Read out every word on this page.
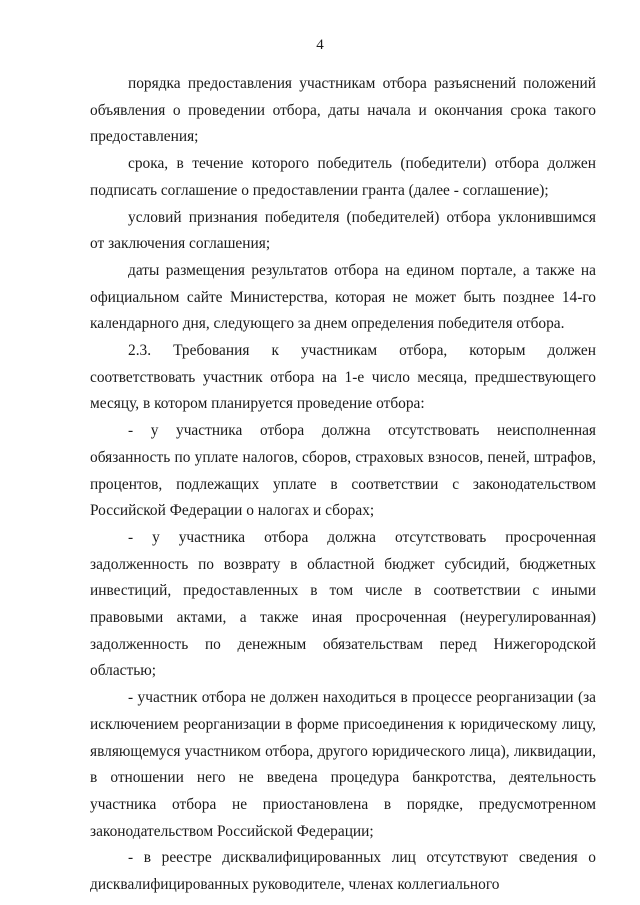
4

порядка предоставления участникам отбора разъяснений положений объявления о проведении отбора, даты начала и окончания срока такого предоставления;

срока, в течение которого победитель (победители) отбора должен подписать соглашение о предоставлении гранта (далее - соглашение);

условий признания победителя (победителей) отбора уклонившимся от заключения соглашения;

даты размещения результатов отбора на едином портале, а также на официальном сайте Министерства, которая не может быть позднее 14-го календарного дня, следующего за днем определения победителя отбора.

2.3. Требования к участникам отбора, которым должен соответствовать участник отбора на 1-е число месяца, предшествующего месяцу, в котором планируется проведение отбора:

- у участника отбора должна отсутствовать неисполненная обязанность по уплате налогов, сборов, страховых взносов, пеней, штрафов, процентов, подлежащих уплате в соответствии с законодательством Российской Федерации о налогах и сборах;

- у участника отбора должна отсутствовать просроченная задолженность по возврату в областной бюджет субсидий, бюджетных инвестиций, предоставленных в том числе в соответствии с иными правовыми актами, а также иная просроченная (неурегулированная) задолженность по денежным обязательствам перед Нижегородской областью;

- участник отбора не должен находиться в процессе реорганизации (за исключением реорганизации в форме присоединения к юридическому лицу, являющемуся участником отбора, другого юридического лица), ликвидации, в отношении него не введена процедура банкротства, деятельность участника отбора не приостановлена в порядке, предусмотренном законодательством Российской Федерации;

- в реестре дисквалифицированных лиц отсутствуют сведения о дисквалифицированных руководителе, членах коллегиального
